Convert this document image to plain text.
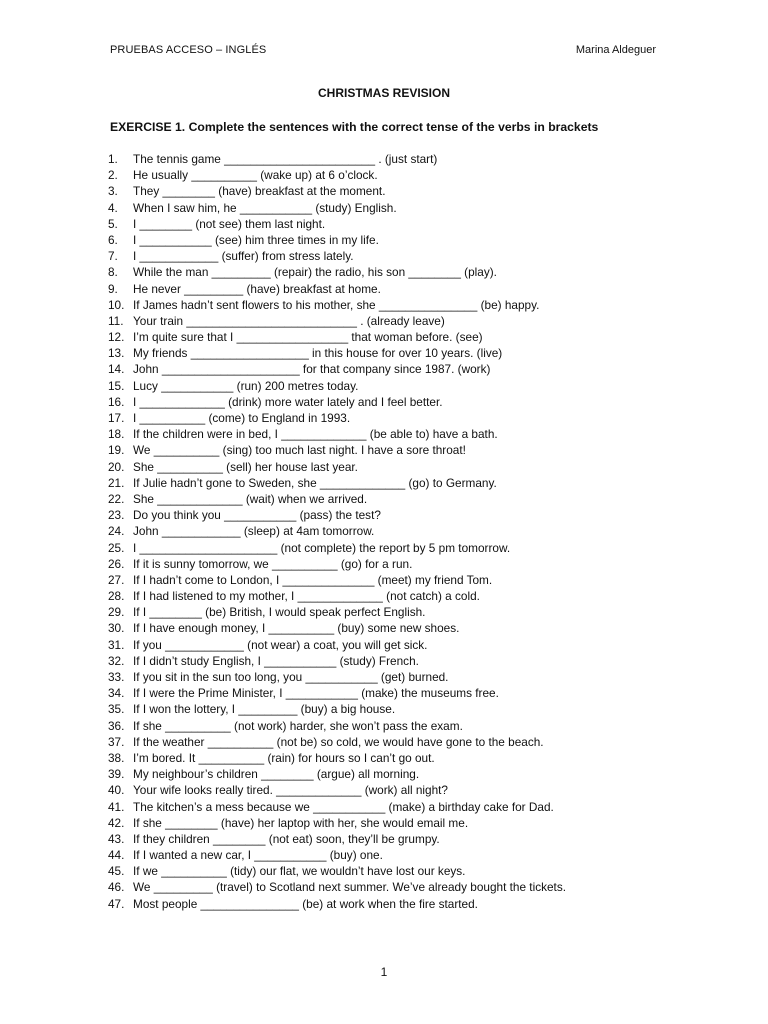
PRUEBAS ACCESO – INGLÉS	Marina Aldeguer
CHRISTMAS REVISION
EXERCISE 1. Complete the sentences with the correct tense of the verbs in brackets
1.	The tennis game _______________________ . (just start)
2.	He usually __________ (wake up) at 6 o’clock.
3.	They ________ (have) breakfast at the moment.
4.	When I saw him, he ___________ (study) English.
5.	I ________ (not see) them last night.
6.	I ___________ (see) him three times in my life.
7.	I ____________ (suffer) from stress lately.
8.	While the man _________ (repair) the radio, his son ________ (play).
9.	He never _________ (have) breakfast at home.
10. If James hadn’t sent flowers to his mother, she _______________ (be) happy.
11. Your train __________________________ . (already leave)
12. I’m quite sure that I _________________ that woman before. (see)
13. My friends __________________ in this house for over 10 years. (live)
14. John _____________________ for that company since 1987. (work)
15. Lucy ___________ (run) 200 metres today.
16. I _____________ (drink) more water lately and I feel better.
17. I __________ (come) to England in 1993.
18. If the children were in bed, I _____________ (be able to) have a bath.
19. We __________ (sing) too much last night. I have a sore throat!
20. She __________ (sell) her house last year.
21. If Julie hadn’t gone to Sweden, she _____________ (go) to Germany.
22. She _____________ (wait) when we arrived.
23. Do you think you ___________ (pass) the test?
24. John ____________ (sleep) at 4am tomorrow.
25. I _____________________ (not complete) the report by 5 pm tomorrow.
26. If it is sunny tomorrow, we __________ (go) for a run.
27. If I hadn’t come to London, I ______________ (meet) my friend Tom.
28. If I had listened to my mother, I _____________ (not catch) a cold.
29. If I ________ (be) British, I would speak perfect English.
30. If I have enough money, I __________ (buy) some new shoes.
31. If you ____________ (not wear) a coat, you will get sick.
32. If I didn’t study English, I ___________ (study) French.
33. If you sit in the sun too long, you ___________ (get) burned.
34. If I were the Prime Minister, I ___________ (make) the museums free.
35. If I won the lottery, I _________ (buy) a big house.
36. If she __________ (not work) harder, she won’t pass the exam.
37. If the weather __________ (not be) so cold, we would have gone to the beach.
38. I’m bored. It __________ (rain) for hours so I can’t go out.
39. My neighbour’s children ________ (argue) all morning.
40. Your wife looks really tired. _____________ (work) all night?
41. The kitchen’s a mess because we ___________ (make) a birthday cake for Dad.
42. If she ________ (have) her laptop with her, she would email me.
43. If they children ________ (not eat) soon, they’ll be grumpy.
44. If I wanted a new car, I ___________ (buy) one.
45. If we __________ (tidy) our flat, we wouldn’t have lost our keys.
46. We _________ (travel) to Scotland next summer. We’ve already bought the tickets.
47. Most people _______________ (be) at work when the fire started.
1
